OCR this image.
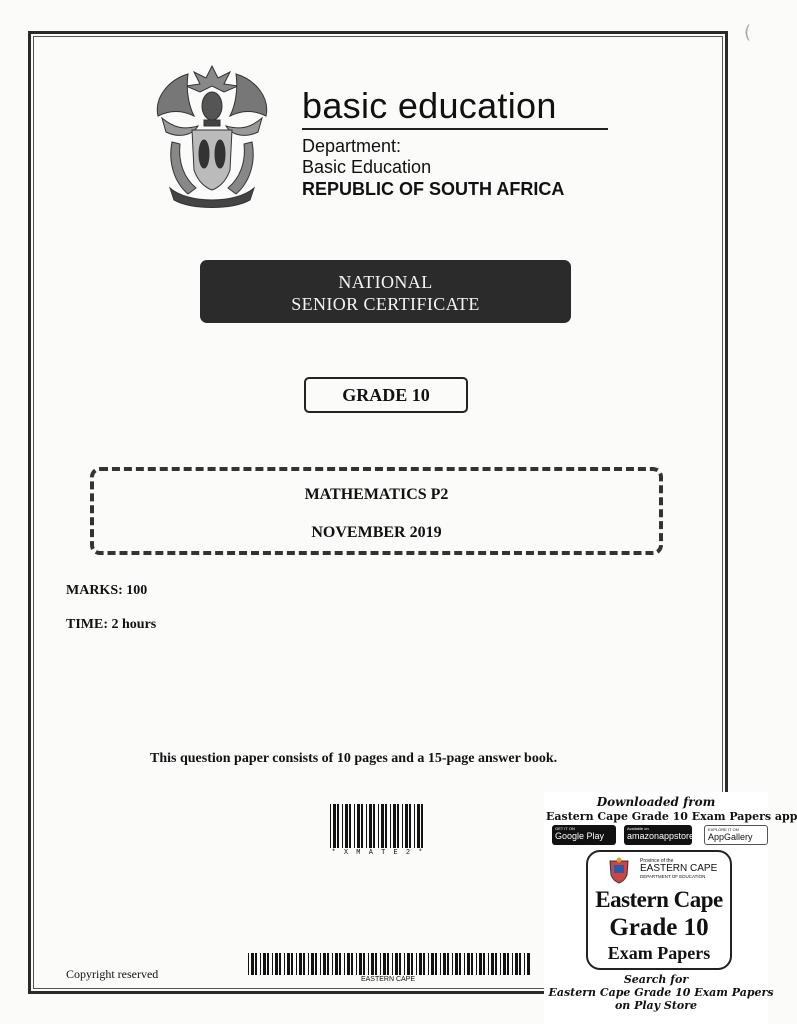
(
basic education
Department:
Basic Education
REPUBLIC OF SOUTH AFRICA
NATIONAL
SENIOR CERTIFICATE
GRADE 10
MATHEMATICS P2
NOVEMBER 2019
MARKS: 100
TIME: 2 hours
This question paper consists of 10 pages and a 15-page answer book.
* X M A T E 2 *
EASTERN CAPE
Copyright reserved
Downloaded from
Eastern Cape Grade 10 Exam Papers app
GET IT ON
Google Play
Available on
amazonappstore
EXPLORE IT ON
AppGallery
Province of the
EASTERN CAPE
DEPARTMENT OF EDUCATION
Eastern Cape
Grade 10
Exam Papers
Search for
Eastern Cape Grade 10 Exam Papers
on Play Store
